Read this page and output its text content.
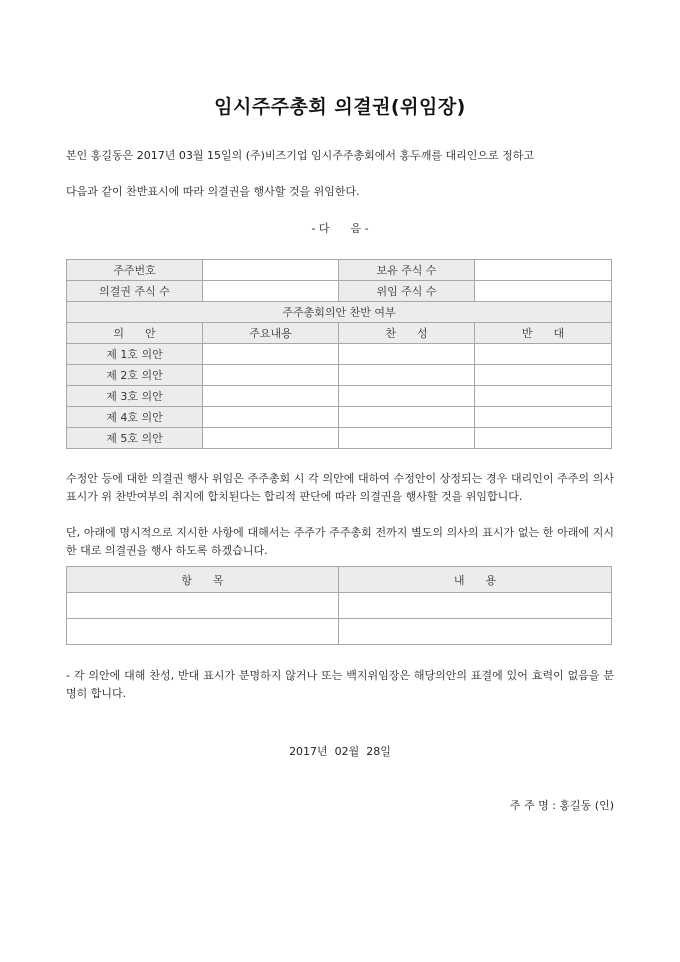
임시주주총회 의결권(위임장)
본인 홍길동은 2017년 03월 15일의 (주)비즈기업 임시주주총회에서 홍두깨를 대리인으로 정하고
다음과 같이 찬반표시에 따라 의결권을 행사할 것을 위임한다.
- 다      음 -
주주번호		보유 주식 수	
의결권 주식 수		위임 주식 수	
주주총회의안 찬반 여부			
의      안	주요내용	찬      성	반      대
제 1호 의안			
제 2호 의안			
제 3호 의안			
제 4호 의안			
제 5호 의안			
수정안 등에 대한 의결권 행사 위임은 주주총회 시 각 의안에 대하여 수정안이 상정되는 경우 대리인이 주주의 의사 표시가 위 찬반여부의 취지에 합치된다는 합리적 판단에 따라 의결권을 행사할 것을 위임합니다.
단, 아래에 명시적으로 지시한 사항에 대해서는 주주가 주주총회 전까지 별도의 의사의 표시가 없는 한 아래에 지시한 대로 의결권을 행사 하도록 하겠습니다.
항      목	내      용

- 각 의안에 대해 찬성, 반대 표시가 분명하지 않거나 또는 백지위임장은 해당의안의 표결에 있어 효력이 없음을 분명히 합니다.
2017년  02월  28일
주 주 명 : 홍길동 (인)
